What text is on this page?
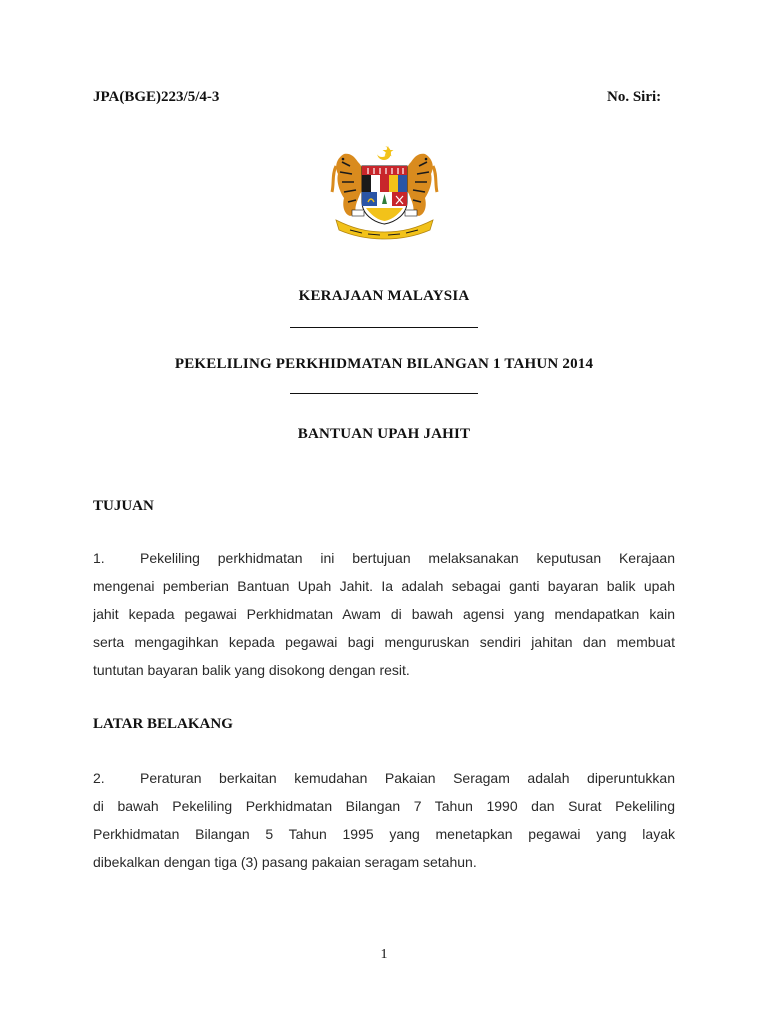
JPA(BGE)223/5/4-3	No. Siri:
KERAJAAN MALAYSIA
PEKELILING PERKHIDMATAN BILANGAN 1 TAHUN 2014
BANTUAN UPAH JAHIT
TUJUAN
1.	Pekeliling perkhidmatan ini bertujuan melaksanakan keputusan Kerajaan
mengenai pemberian Bantuan Upah Jahit. Ia adalah sebagai ganti bayaran balik upah
jahit kepada pegawai Perkhidmatan Awam di bawah agensi yang mendapatkan kain
serta mengagihkan kepada pegawai bagi menguruskan sendiri jahitan dan membuat
tuntutan bayaran balik yang disokong dengan resit.
LATAR BELAKANG
2.	Peraturan berkaitan kemudahan Pakaian Seragam adalah diperuntukkan
di bawah Pekeliling Perkhidmatan Bilangan 7 Tahun 1990 dan Surat Pekeliling
Perkhidmatan Bilangan 5 Tahun 1995 yang menetapkan pegawai yang layak
dibekalkan dengan tiga (3) pasang pakaian seragam setahun.
1
